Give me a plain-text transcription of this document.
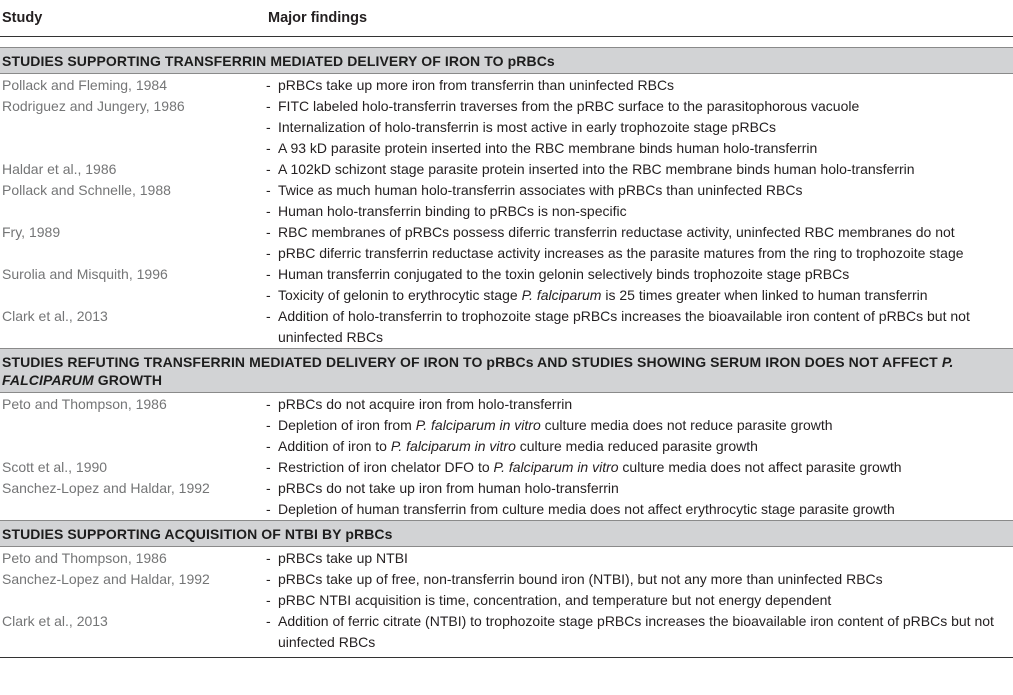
Study	Major findings
STUDIES SUPPORTING TRANSFERRIN MEDIATED DELIVERY OF IRON TO pRBCs
Pollack and Fleming, 1984	- pRBCs take up more iron from transferrin than uninfected RBCs
Rodriguez and Jungery, 1986	- FITC labeled holo-transferrin traverses from the pRBC surface to the parasitophorous vacuole
- Internalization of holo-transferrin is most active in early trophozoite stage pRBCs
- A 93 kD parasite protein inserted into the RBC membrane binds human holo-transferrin
Haldar et al., 1986	- A 102kD schizont stage parasite protein inserted into the RBC membrane binds human holo-transferrin
Pollack and Schnelle, 1988	- Twice as much human holo-transferrin associates with pRBCs than uninfected RBCs
- Human holo-transferrin binding to pRBCs is non-specific
Fry, 1989	- RBC membranes of pRBCs possess diferric transferrin reductase activity, uninfected RBC membranes do not
- pRBC diferric transferrin reductase activity increases as the parasite matures from the ring to trophozoite stage
Surolia and Misquith, 1996	- Human transferrin conjugated to the toxin gelonin selectively binds trophozoite stage pRBCs
- Toxicity of gelonin to erythrocytic stage P. falciparum is 25 times greater when linked to human transferrin
Clark et al., 2013	- Addition of holo-transferrin to trophozoite stage pRBCs increases the bioavailable iron content of pRBCs but not uninfected RBCs
STUDIES REFUTING TRANSFERRIN MEDIATED DELIVERY OF IRON TO pRBCs AND STUDIES SHOWING SERUM IRON DOES NOT AFFECT P. FALCIPARUM GROWTH
Peto and Thompson, 1986	- pRBCs do not acquire iron from holo-transferrin
- Depletion of iron from P. falciparum in vitro culture media does not reduce parasite growth
- Addition of iron to P. falciparum in vitro culture media reduced parasite growth
Scott et al., 1990	- Restriction of iron chelator DFO to P. falciparum in vitro culture media does not affect parasite growth
Sanchez-Lopez and Haldar, 1992	- pRBCs do not take up iron from human holo-transferrin
- Depletion of human transferrin from culture media does not affect erythrocytic stage parasite growth
STUDIES SUPPORTING ACQUISITION OF NTBI BY pRBCs
Peto and Thompson, 1986	- pRBCs take up NTBI
Sanchez-Lopez and Haldar, 1992	- pRBCs take up of free, non-transferrin bound iron (NTBI), but not any more than uninfected RBCs
- pRBC NTBI acquisition is time, concentration, and temperature but not energy dependent
Clark et al., 2013	- Addition of ferric citrate (NTBI) to trophozoite stage pRBCs increases the bioavailable iron content of pRBCs but not uinfected RBCs
